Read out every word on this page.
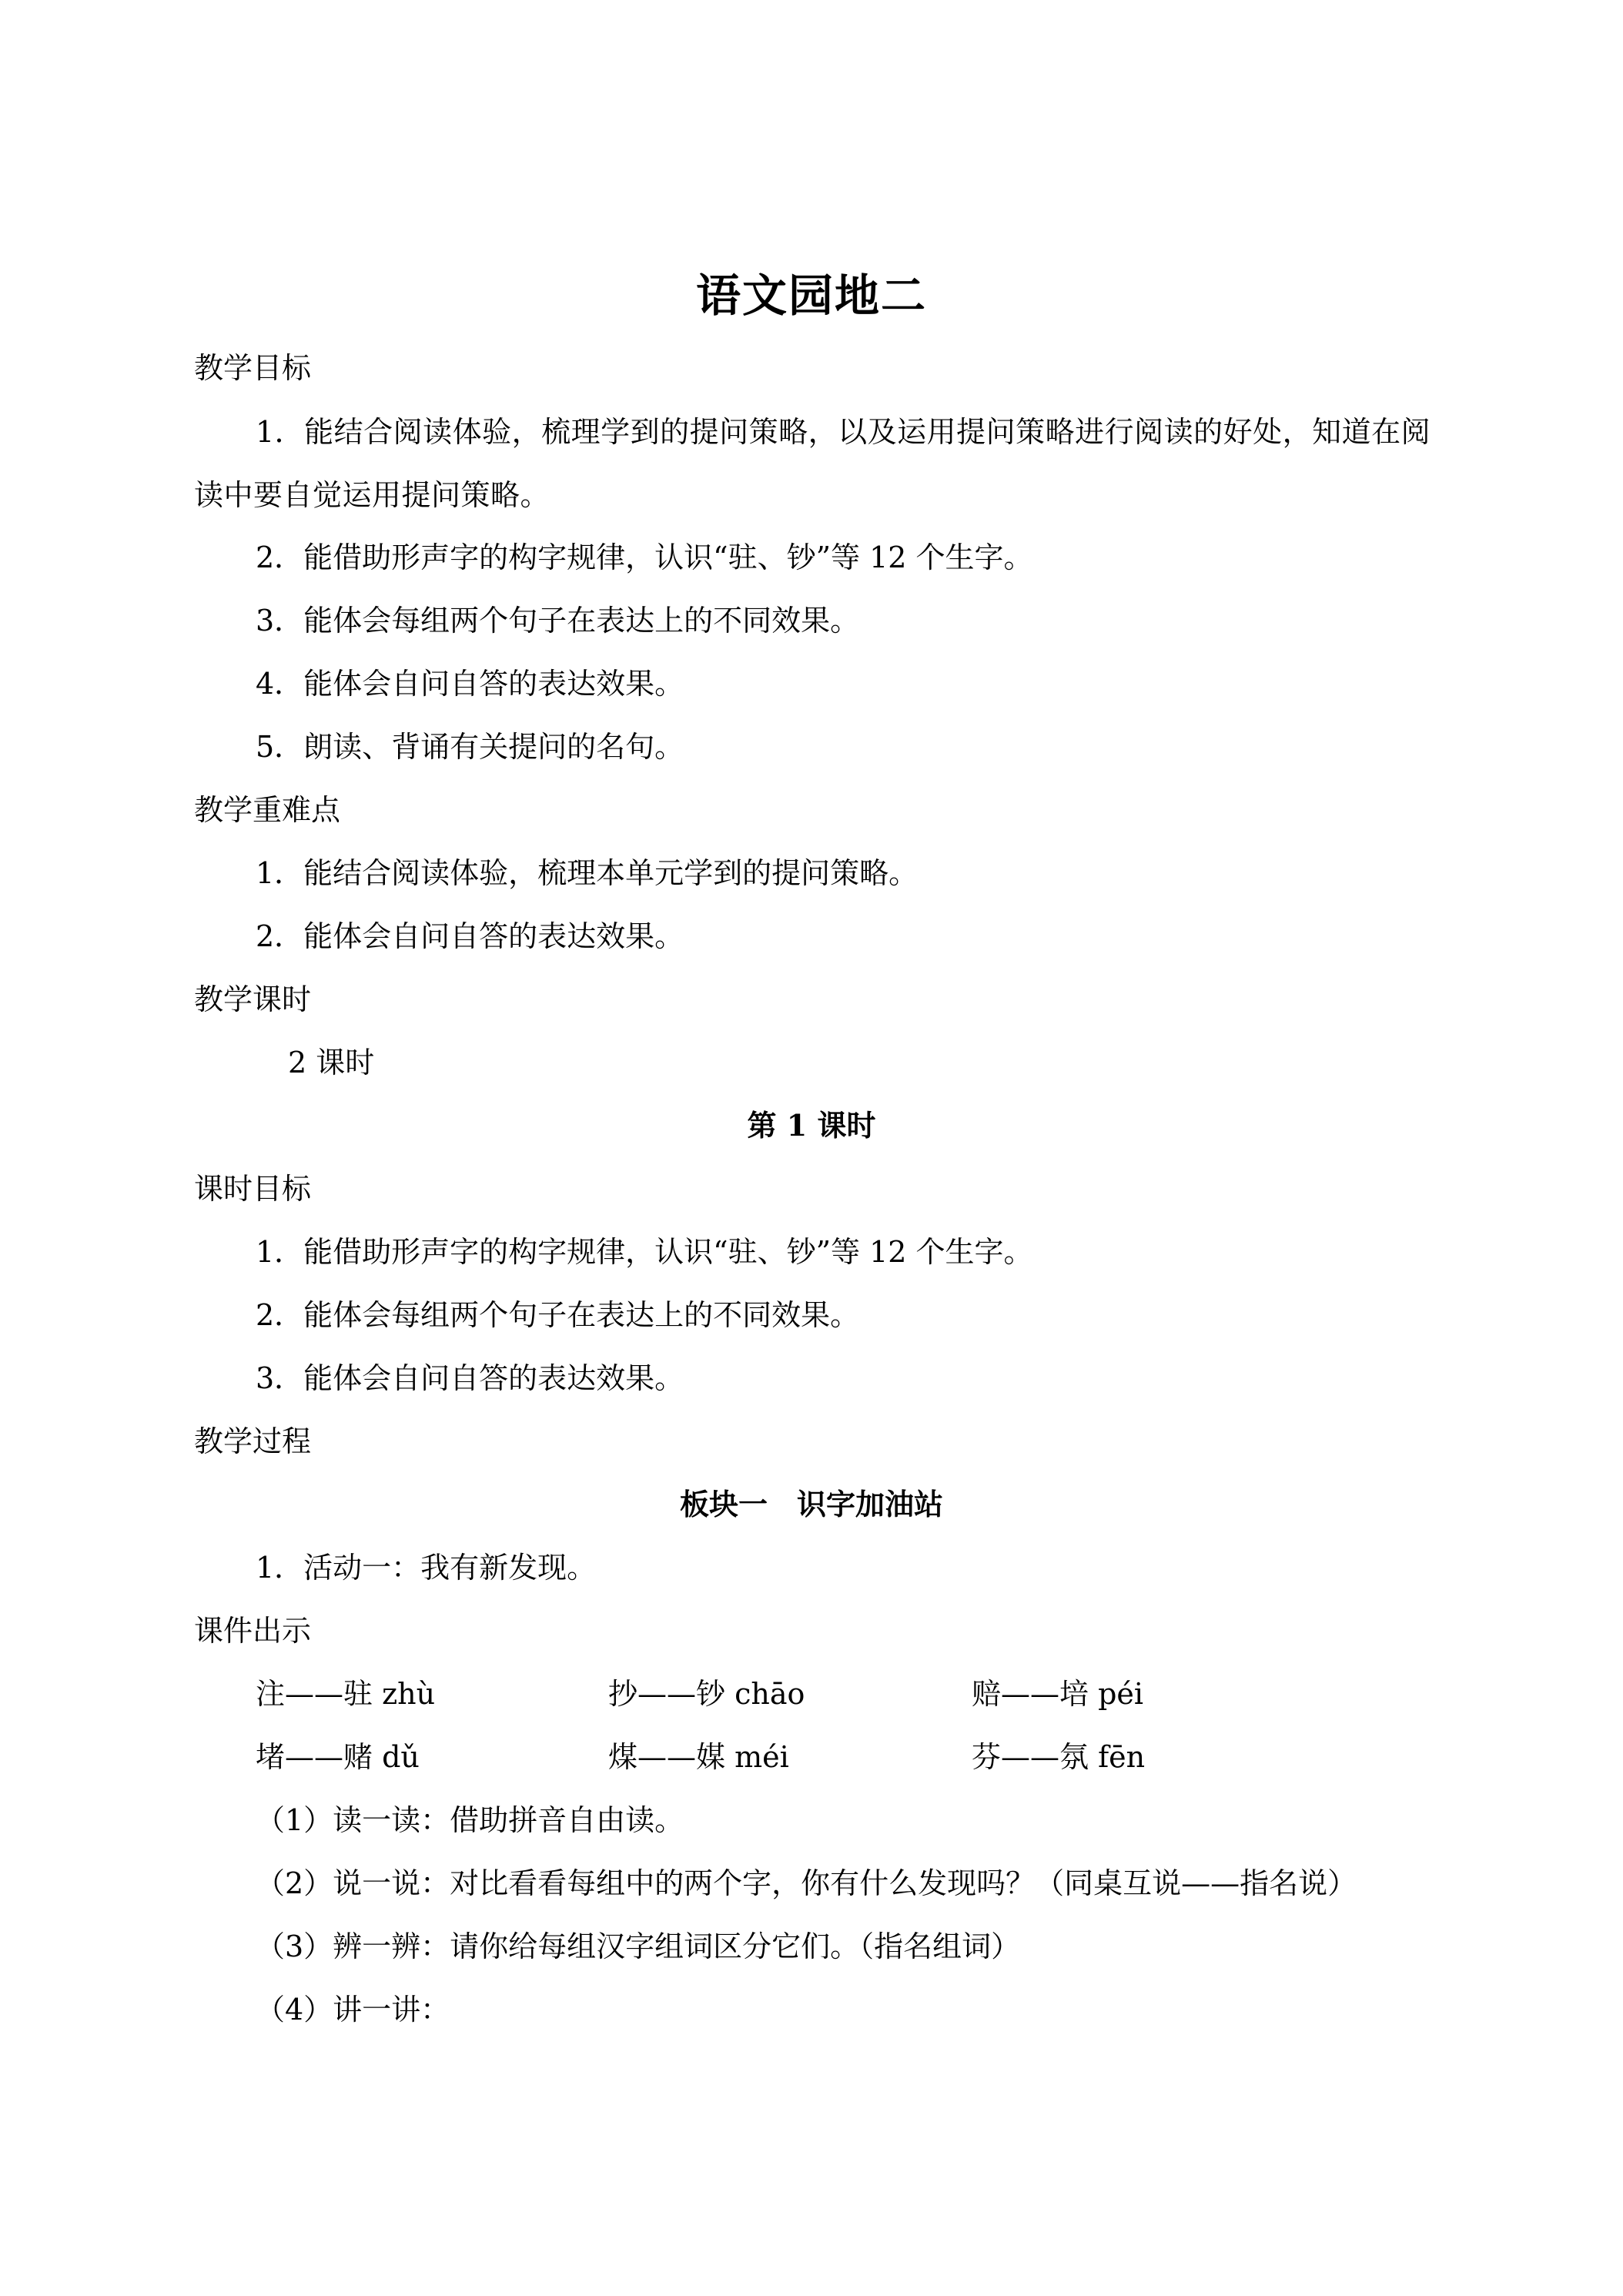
语文园地二
教学目标
1．能结合阅读体验，梳理学到的提问策略，以及运用提问策略进行阅读的好处，知道在阅读中要自觉运用提问策略。
2．能借助形声字的构字规律，认识“驻、钞”等 12 个生字。
3．能体会每组两个句子在表达上的不同效果。
4．能体会自问自答的表达效果。
5．朗读、背诵有关提问的名句。
教学重难点
1．能结合阅读体验，梳理本单元学到的提问策略。
2．能体会自问自答的表达效果。
教学课时
2 课时
第 1 课时
课时目标
1．能借助形声字的构字规律，认识“驻、钞”等 12 个生字。
2．能体会每组两个句子在表达上的不同效果。
3．能体会自问自答的表达效果。
教学过程
板块一　识字加油站
1．活动一：我有新发现。
课件出示
注——驻 zhù	抄——钞 chāo	赔——培 péi
堵——赌 dǔ	煤——媒 méi	芬——氛 fēn
（1）读一读：借助拼音自由读。
（2）说一说：对比看看每组中的两个字，你有什么发现吗？（同桌互说——指名说）
（3）辨一辨：请你给每组汉字组词区分它们。（指名组词）
（4）讲一讲：
